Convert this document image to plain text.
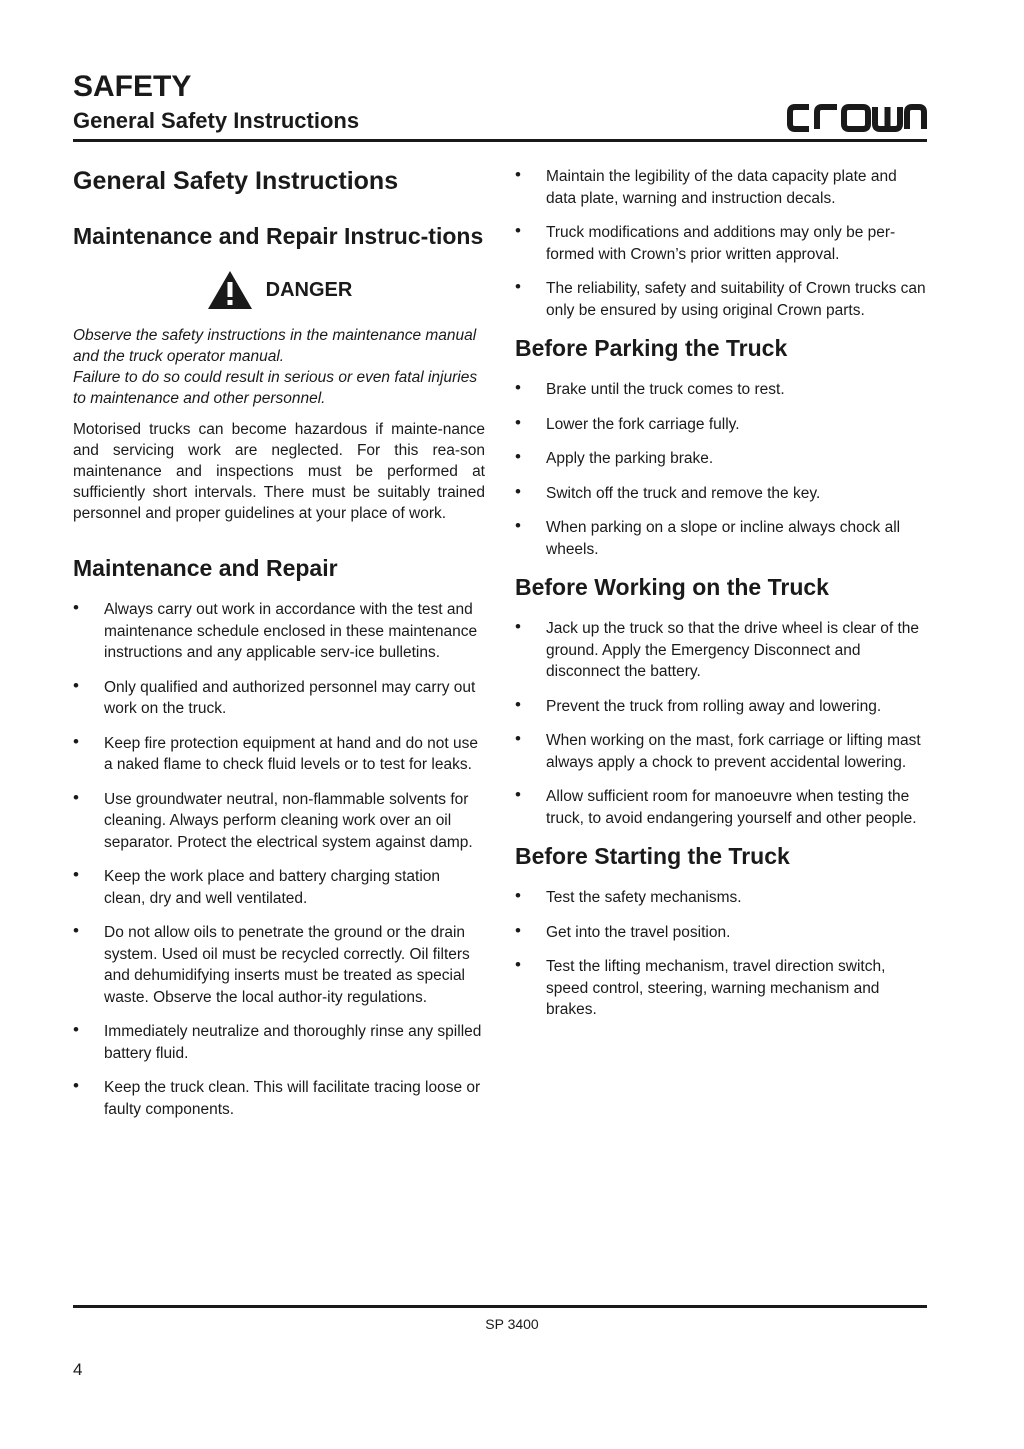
SAFETY
General Safety Instructions
General Safety Instructions
Maintenance and Repair Instruc-tions
DANGER

Observe the safety instructions in the maintenance manual and the truck operator manual.
Failure to do so could result in serious or even fatal injuries to maintenance and other personnel.

Motorised trucks can become hazardous if mainte-nance and servicing work are neglected. For this rea-son maintenance and inspections must be performed at sufficiently short intervals. There must be suitably trained personnel and proper guidelines at your place of work.

Maintenance and Repair
• Always carry out work in accordance with the test and maintenance schedule enclosed in these maintenance instructions and any applicable serv-ice bulletins.
• Only qualified and authorized personnel may carry out work on the truck.
• Keep fire protection equipment at hand and do not use a naked flame to check fluid levels or to test for leaks.
• Use groundwater neutral, non-flammable solvents for cleaning. Always perform cleaning work over an oil separator. Protect the electrical system against damp.
• Keep the work place and battery charging station clean, dry and well ventilated.
• Do not allow oils to penetrate the ground or the drain system. Used oil must be recycled correctly. Oil filters and dehumidifying inserts must be treated as special waste. Observe the local author-ity regulations.
• Immediately neutralize and thoroughly rinse any spilled battery fluid.
• Keep the truck clean. This will facilitate tracing loose or faulty components.
• Maintain the legibility of the data capacity plate and data plate, warning and instruction decals.
• Truck modifications and additions may only be per-formed with Crown’s prior written approval.
• The reliability, safety and suitability of Crown trucks can only be ensured by using original Crown parts.
Before Parking the Truck
• Brake until the truck comes to rest.
• Lower the fork carriage fully.
• Apply the parking brake.
• Switch off the truck and remove the key.
• When parking on a slope or incline always chock all wheels.
Before Working on the Truck
• Jack up the truck so that the drive wheel is clear of the ground. Apply the Emergency Disconnect and disconnect the battery.
• Prevent the truck from rolling away and lowering.
• When working on the mast, fork carriage or lifting mast always apply a chock to prevent accidental lowering.
• Allow sufficient room for manoeuvre when testing the truck, to avoid endangering yourself and other people.
Before Starting the Truck
• Test the safety mechanisms.
• Get into the travel position.
• Test the lifting mechanism, travel direction switch, speed control, steering, warning mechanism and brakes.
SP 3400
4
